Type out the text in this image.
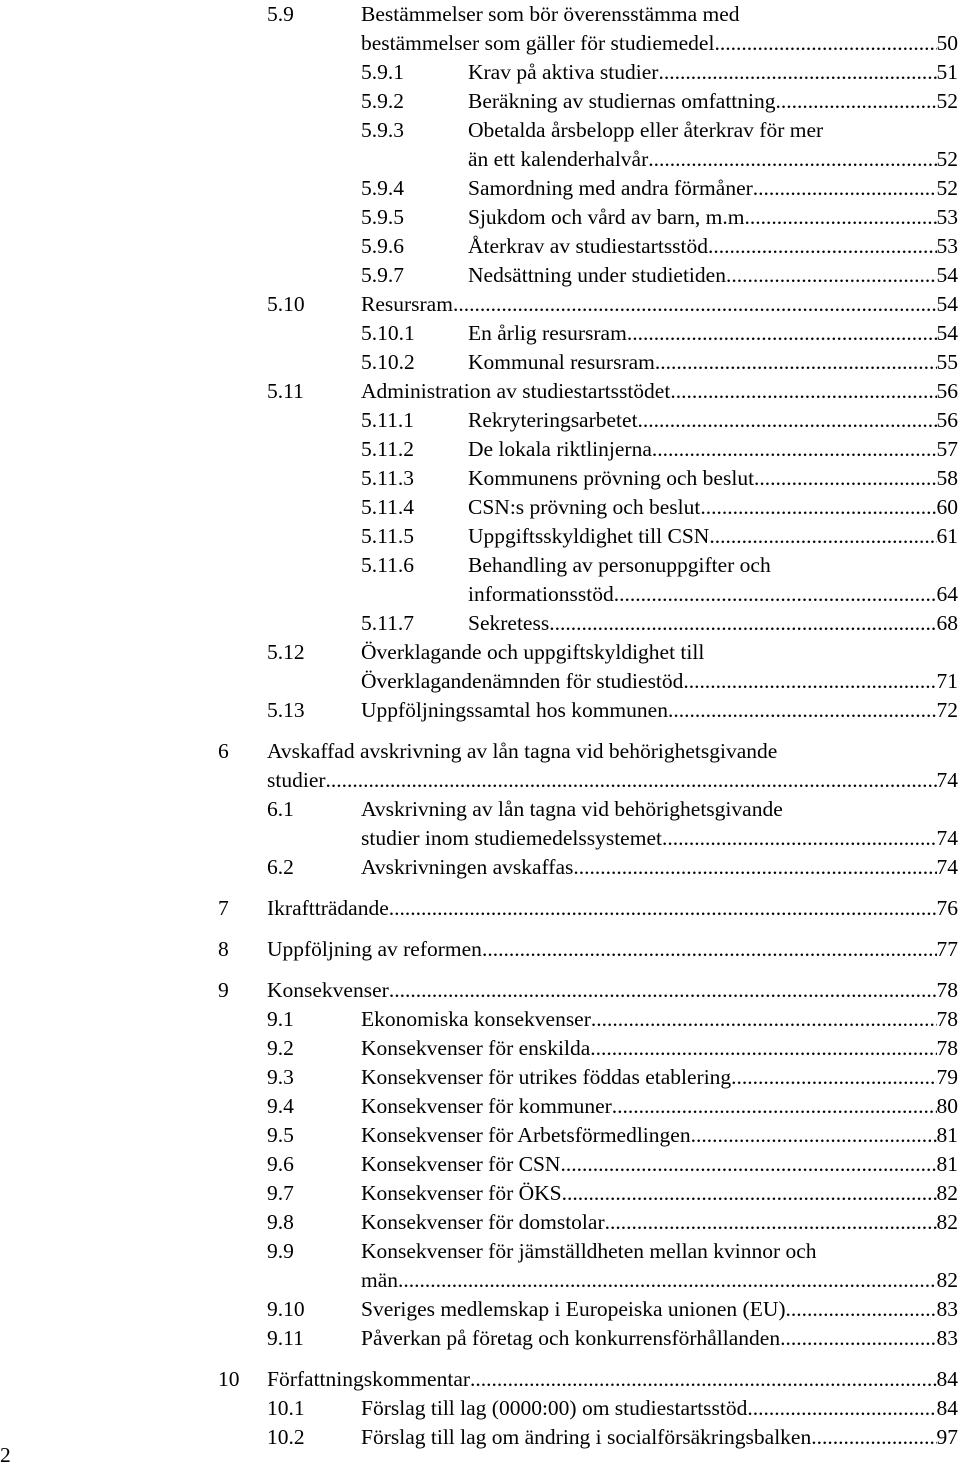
5.9	Bestämmelser som bör överensstämma med
bestämmelser som gäller för studiemedel .....	50
5.9.1	Krav på aktiva studier .....	51
5.9.2	Beräkning av studiernas omfattning .....	52
5.9.3	Obetalda årsbelopp eller återkrav för mer
än ett kalenderhalvår .....	52
5.9.4	Samordning med andra förmåner .....	52
5.9.5	Sjukdom och vård av barn, m.m. .....	53
5.9.6	Återkrav av studiestartsstöd .....	53
5.9.7	Nedsättning under studietiden .....	54
5.10	Resursram .....	54
5.10.1 En årlig resursram .....	54
5.10.2 Kommunal resursram .....	55
5.11	Administration av studiestartsstödet .....	56
5.11.1	Rekryteringsarbetet .....	56
5.11.2	De lokala riktlinjerna .....	57
5.11.3	Kommunens prövning och beslut .....	58
5.11.4	CSN:s prövning och beslut .....	60
5.11.5	Uppgiftsskyldighet till CSN .....	61
5.11.6	Behandling av personuppgifter och
informationsstöd .....	64
5.11.7	Sekretess .....	68
5.12	Överklagande och uppgiftskyldighet till
Överklagandenämnden för studiestöd .....	71
5.13	Uppföljningssamtal hos kommunen .....	72
6 Avskaffad avskrivning av lån tagna vid behörighetsgivande
studier .....	74
6.1	Avskrivning av lån tagna vid behörighetsgivande
studier inom studiemedelssystemet .....	74
6.2	Avskrivningen avskaffas .....	74
7 Ikraftträdande .....	76
8 Uppföljning av reformen .....	77
9 Konsekvenser .....	78
9.1	Ekonomiska konsekvenser .....	78
9.2	Konsekvenser för enskilda .....	78
9.3	Konsekvenser för utrikes föddas etablering .....	79
9.4	Konsekvenser för kommuner .....	80
9.5	Konsekvenser för Arbetsförmedlingen .....	81
9.6	Konsekvenser för CSN .....	81
9.7	Konsekvenser för ÖKS .....	82
9.8	Konsekvenser för domstolar .....	82
9.9	Konsekvenser för jämställdheten mellan kvinnor och
män .....	82
9.10	Sveriges medlemskap i Europeiska unionen (EU) .....	83
9.11	Påverkan på företag och konkurrensförhållanden .....	83
10 Författningskommentar .....	84
10.1	Förslag till lag (0000:00) om studiestartsstöd .....	84
10.2	Förslag till lag om ändring i socialförsäkringsbalken .....	97
2
